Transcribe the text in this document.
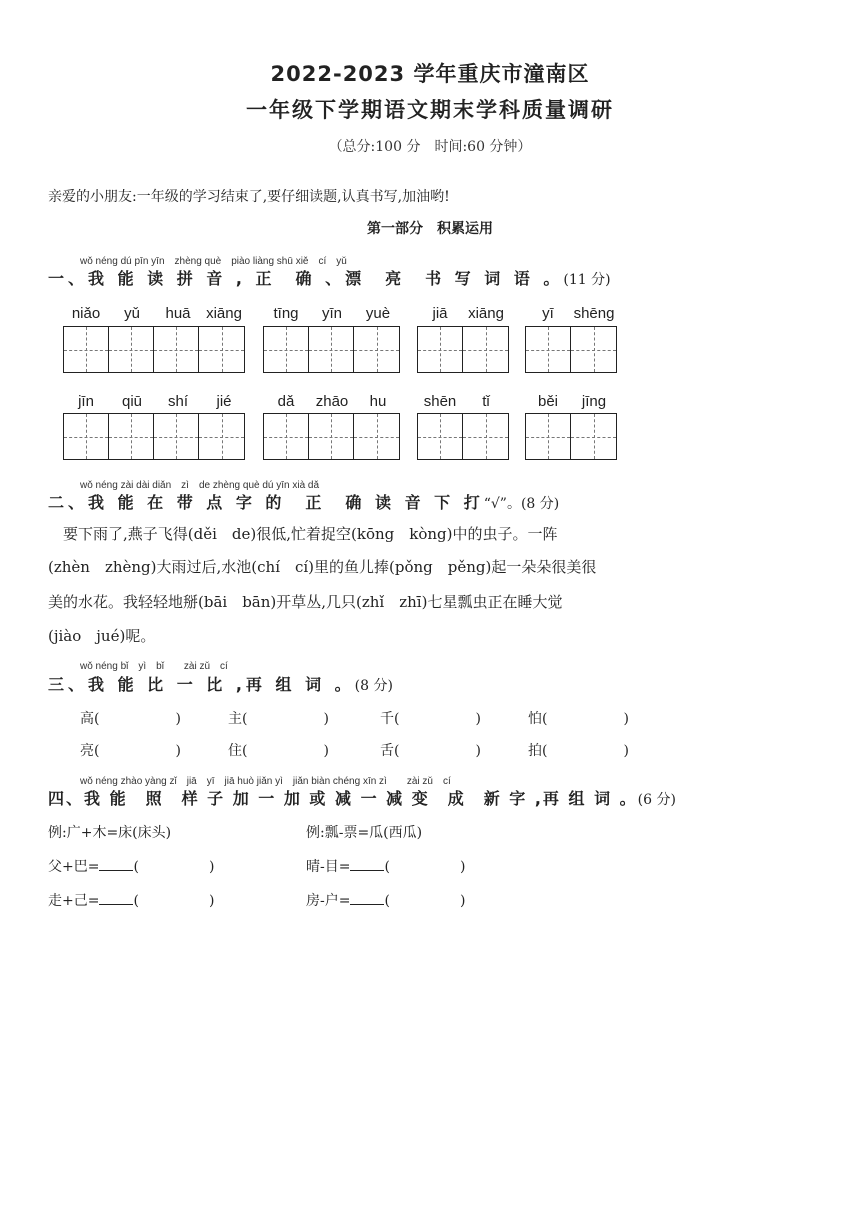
2022-2023 学年重庆市潼南区
一年级下学期语文期末学科质量调研
（总分:100 分　时间:60 分钟）
亲爱的小朋友:一年级的学习结束了,要仔细读题,认真书写,加油哟!
第一部分　积累运用
wǒ néng dú pīn yīn　zhèng què　piào liàng shū xiě　cí　yǔ
一、我 能 读 拼 音 , 正　确 、漂　亮　书 写 词 语 。(11 分)
niǎo	yǔ	huā	xiāng	tīng	yīn	yuè	jiā	xiāng	yī	shēng
jīn	qiū	shí	jié	dǎ	zhāo	hu	shēn	tǐ	běi	jīng
wǒ néng zài dài diǎn　zì　de zhèng què dú yīn xià dǎ
二、我 能 在 带 点 字 的　正　确 读 音 下 打“√”。(8 分)
　要下雨了,燕子飞得(děi　de)很低,忙着捉空(kōng　kòng)中的虫子。一阵
(zhèn　zhèng)大雨过后,水池(chí　cí)里的鱼儿捧(pǒng　pěng)起一朵朵很美很
美的水花。我轻轻地掰(bāi　bān)开草丛,几只(zhǐ　zhī)七星瓢虫正在睡大觉
(jiào　jué)呢。
wǒ néng bǐ　yì　bǐ　　zài zǔ　cí
三、我 能 比 一 比 ,再 组 词 。(8 分)
高(	)	主(	)	千(	)	怕(	)
亮(	)	住(	)	舌(	)	拍(	)
wǒ néng zhào yàng zǐ　jiā　yī　jiā huò jiǎn yì　jiǎn biàn chéng xīn zì　　zài zǔ　cí
四、我 能　照　样 子 加 一 加 或 减 一 减 变　成　新 字 ,再 组 词 。(6 分)
例:广+木=床(床头)	例:瓢-票=瓜(西瓜)
父+巴= (	)	晴-目= (	)
走+己= (	)	房-户= (	)
